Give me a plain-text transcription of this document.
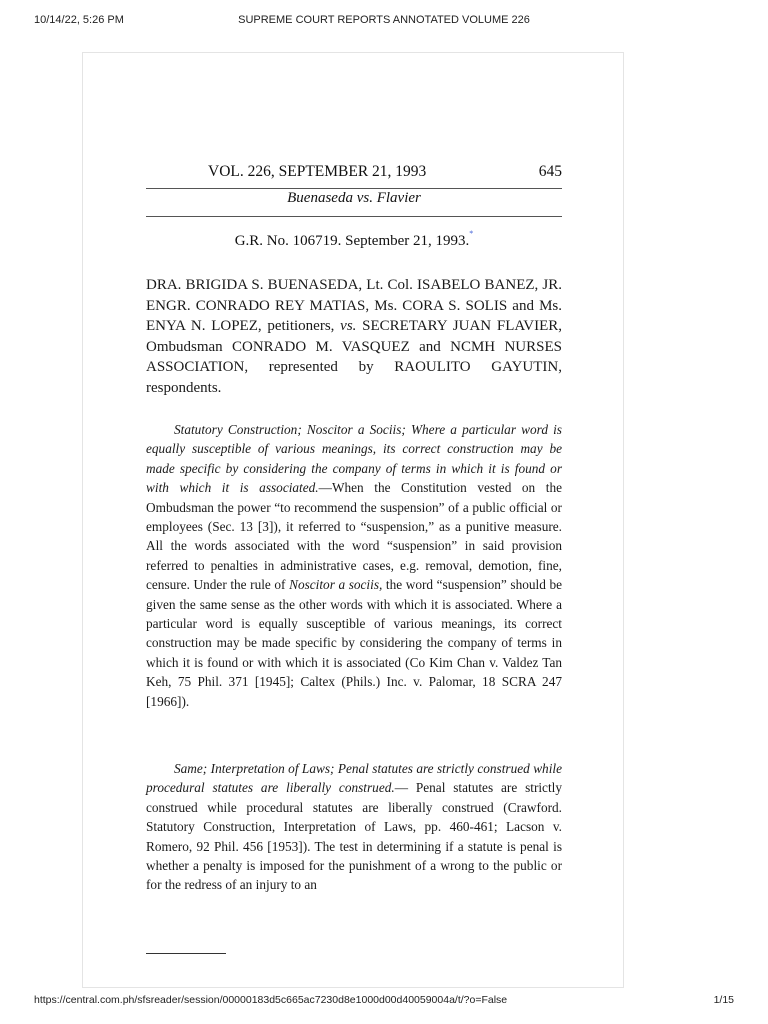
10/14/22, 5:26 PM	SUPREME COURT REPORTS ANNOTATED VOLUME 226
VOL. 226, SEPTEMBER 21, 1993	645
Buenaseda vs. Flavier
G.R. No. 106719. September 21, 1993.*
DRA. BRIGIDA S. BUENASEDA, Lt. Col. ISABELO BANEZ, JR. ENGR. CONRADO REY MATIAS, Ms. CORA S. SOLIS and Ms. ENYA N. LOPEZ, petitioners, vs. SECRETARY JUAN FLAVIER, Ombudsman CONRADO M. VASQUEZ and NCMH NURSES ASSOCIATION, represented by RAOULITO GAYUTIN, respondents.
Statutory Construction; Noscitor a Sociis; Where a particular word is equally susceptible of various meanings, its correct construction may be made specific by considering the company of terms in which it is found or with which it is associated.—When the Constitution vested on the Ombudsman the power “to recommend the suspension” of a public official or employees (Sec. 13 [3]), it referred to “suspension,” as a punitive measure. All the words associated with the word “suspension” in said provision referred to penalties in administrative cases, e.g. removal, demotion, fine, censure. Under the rule of Noscitor a sociis, the word “suspension” should be given the same sense as the other words with which it is associated. Where a particular word is equally susceptible of various meanings, its correct construction may be made specific by considering the company of terms in which it is found or with which it is associated (Co Kim Chan v. Valdez Tan Keh, 75 Phil. 371 [1945]; Caltex (Phils.) Inc. v. Palomar, 18 SCRA 247 [1966]).
Same; Interpretation of Laws; Penal statutes are strictly construed while procedural statutes are liberally construed.— Penal statutes are strictly construed while procedural statutes are liberally construed (Crawford. Statutory Construction, Interpretation of Laws, pp. 460-461; Lacson v. Romero, 92 Phil. 456 [1953]). The test in determining if a statute is penal is whether a penalty is imposed for the punishment of a wrong to the public or for the redress of an injury to an
https://central.com.ph/sfsreader/session/00000183d5c665ac7230d8e1000d00d40059004a/t/?o=False	1/15
